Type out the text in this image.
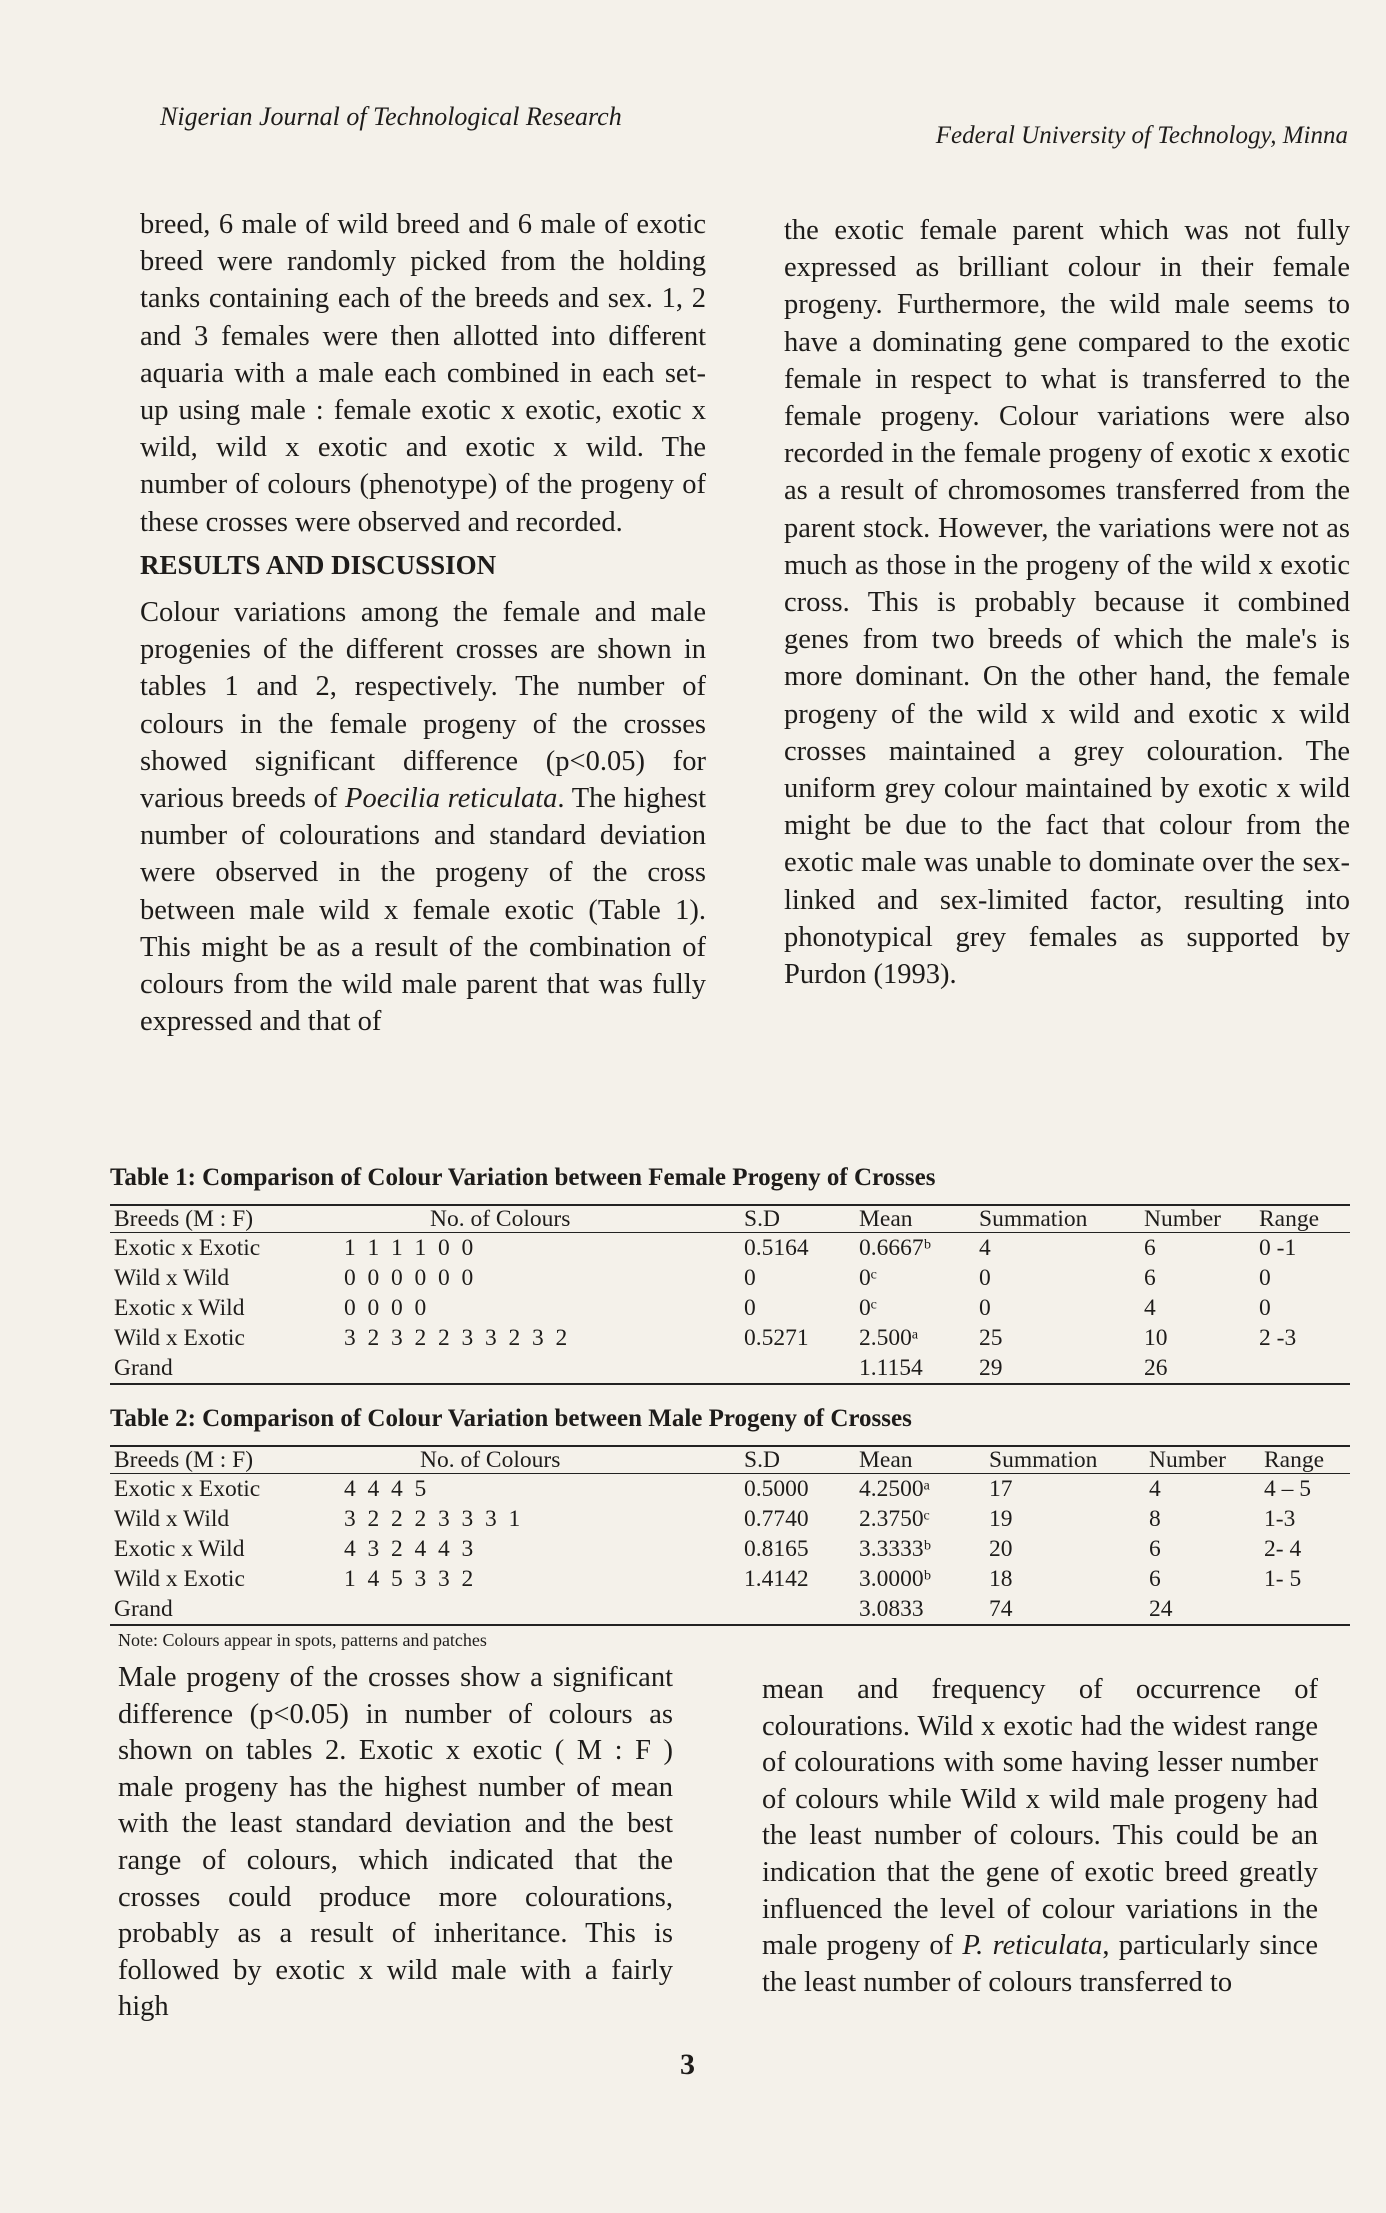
Nigerian Journal of Technological Research
Federal University of Technology, Minna

breed, 6 male of wild breed and 6 male of exotic breed were randomly picked from the holding tanks containing each of the breeds and sex. 1, 2 and 3 females were then allotted into different aquaria with a male each combined in each set-up using male : female exotic x exotic, exotic x wild, wild x exotic and exotic x wild. The number of colours (phenotype) of the progeny of these crosses were observed and recorded.

RESULTS AND DISCUSSION

Colour variations among the female and male progenies of the different crosses are shown in tables 1 and 2, respectively. The number of colours in the female progeny of the crosses showed significant difference (p<0.05) for various breeds of Poecilia reticulata. The highest number of colourations and standard deviation were observed in the progeny of the cross between male wild x female exotic (Table 1). This might be as a result of the combination of colours from the wild male parent that was fully expressed and that of

the exotic female parent which was not fully expressed as brilliant colour in their female progeny. Furthermore, the wild male seems to have a dominating gene compared to the exotic female in respect to what is transferred to the female progeny. Colour variations were also recorded in the female progeny of exotic x exotic as a result of chromosomes transferred from the parent stock. However, the variations were not as much as those in the progeny of the wild x exotic cross. This is probably because it combined genes from two breeds of which the male's is more dominant. On the other hand, the female progeny of the wild x wild and exotic x wild crosses maintained a grey colouration. The uniform grey colour maintained by exotic x wild might be due to the fact that colour from the exotic male was unable to dominate over the sex-linked and sex-limited factor, resulting into phonotypical grey females as supported by Purdon (1993).

Table 1: Comparison of Colour Variation between Female Progeny of Crosses
Breeds (M : F)	No. of Colours	S.D	Mean	Summation	Number	Range
Exotic x Exotic	1  1  1  1  0  0	0.5164	0.6667ᵇ	4	6	0 -1
Wild x Wild	0  0  0  0  0  0	0	0ᶜ	0	6	0
Exotic x Wild	0  0  0  0	0	0ᶜ	0	4	0
Wild x Exotic	3  2  3  2  2  3  3  2  3  2	0.5271	2.500ᵃ	25	10	2 -3
Grand			1.1154	29	26	
Table 2: Comparison of Colour Variation between Male Progeny of Crosses
Breeds (M : F)	No. of Colours	S.D	Mean	Summation	Number	Range
Exotic x Exotic	4  4  4  5	0.5000	4.2500ᵃ	17	4	4 – 5
Wild x Wild	3  2  2  2  3  3  3  1	0.7740	2.3750ᶜ	19	8	1-3
Exotic x Wild	4  3  2  4  4  3	0.8165	3.3333ᵇ	20	6	2- 4
Wild x Exotic	1  4  5  3  3  2	1.4142	3.0000ᵇ	18	6	1- 5
Grand			3.0833	74	24	
Note: Colours appear in spots, patterns and patches

Male progeny of the crosses show a significant difference (p<0.05) in number of colours as shown on tables 2. Exotic x exotic ( M : F ) male progeny has the highest number of mean with the least standard deviation and the best range of colours, which indicated that the crosses could produce more colourations, probably as a result of inheritance. This is followed by exotic x wild male with a fairly high

mean and frequency of occurrence of colourations. Wild x exotic had the widest range of colourations with some having lesser number of colours while Wild x wild male progeny had the least number of colours. This could be an indication that the gene of exotic breed greatly influenced the level of colour variations in the male progeny of P. reticulata, particularly since the least number of colours transferred to

3
